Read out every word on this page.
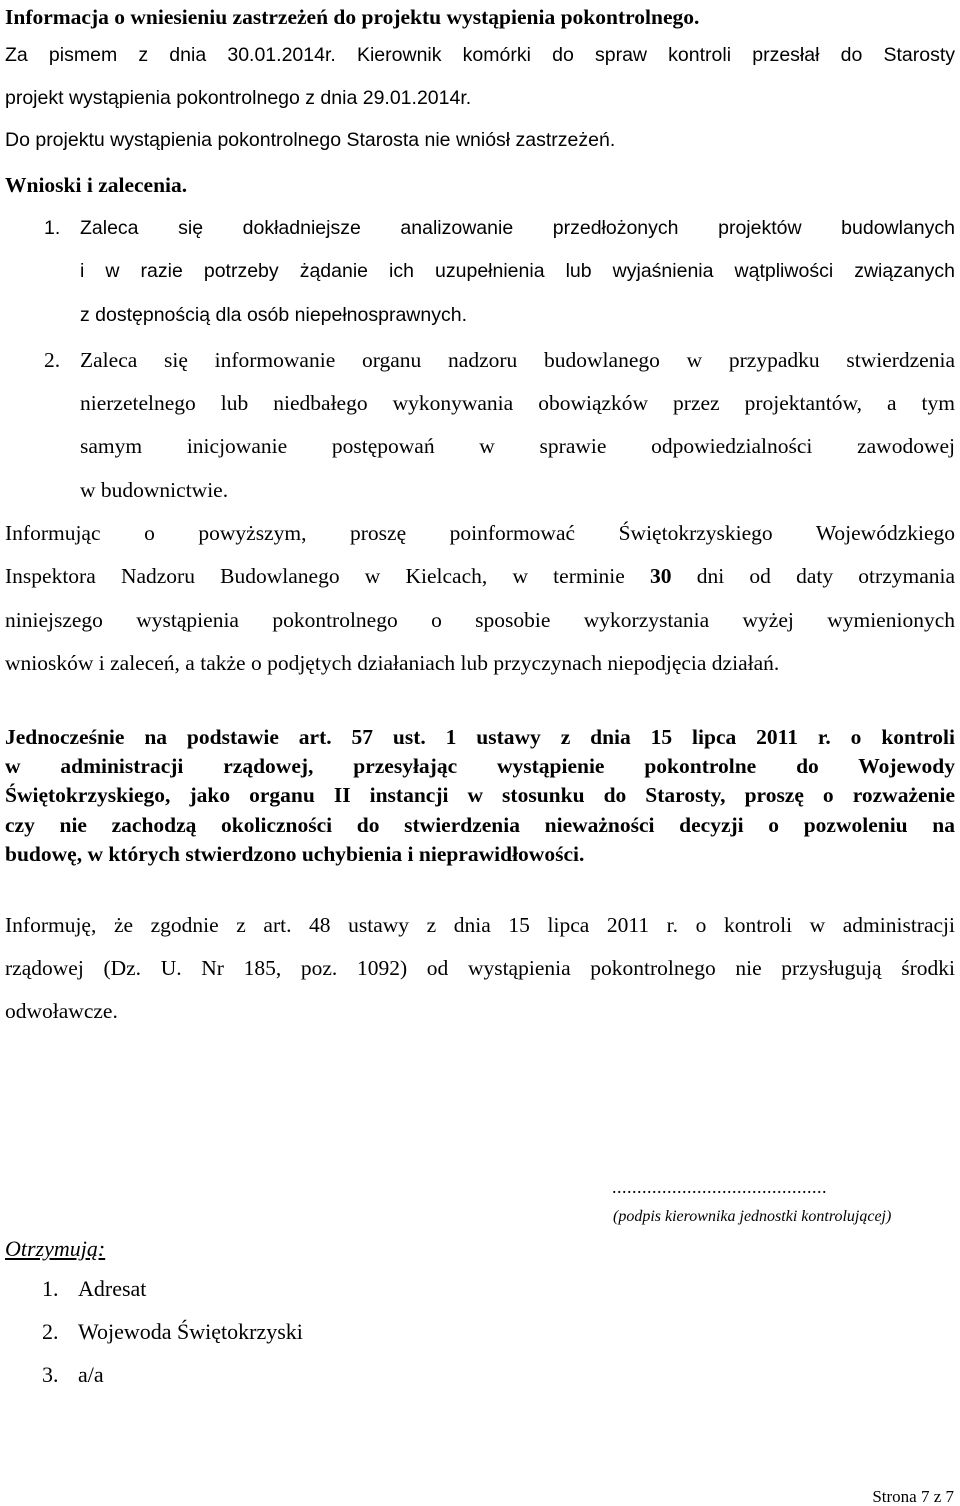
Informacja o wniesieniu zastrzeżeń do projektu wystąpienia pokontrolnego.

Za pismem z dnia 30.01.2014r. Kierownik komórki do spraw kontroli przesłał do Starosty

projekt wystąpienia pokontrolnego z dnia 29.01.2014r.

Do projektu wystąpienia pokontrolnego Starosta nie wniósł zastrzeżeń.

Wnioski i zalecenia.

1. Zaleca się dokładniejsze analizowanie przedłożonych projektów budowlanych
i w razie potrzeby żądanie ich uzupełnienia lub wyjaśnienia wątpliwości związanych
z dostępnością dla osób niepełnosprawnych.
2. Zaleca się informowanie organu nadzoru budowlanego w przypadku stwierdzenia
nierzetelnego lub niedbałego wykonywania obowiązków przez projektantów, a tym
samym inicjowanie postępowań w sprawie odpowiedzialności zawodowej
w budownictwie.

Informując o powyższym, proszę poinformować Świętokrzyskiego Wojewódzkiego

Inspektora Nadzoru Budowlanego w Kielcach, w terminie 30 dni od daty otrzymania

niniejszego wystąpienia pokontrolnego o sposobie wykorzystania wyżej wymienionych

wniosków i zaleceń, a także o podjętych działaniach lub przyczynach niepodjęcia działań.

Jednocześnie na podstawie art. 57 ust. 1 ustawy z dnia 15 lipca 2011 r. o kontroli

w administracji rządowej, przesyłając wystąpienie pokontrolne do Wojewody

Świętokrzyskiego, jako organu II instancji w stosunku do Starosty, proszę o rozważenie

czy nie zachodzą okoliczności do stwierdzenia nieważności decyzji o pozwoleniu na

budowę, w których stwierdzono uchybienia i nieprawidłowości.

Informuję, że zgodnie z art. 48 ustawy z dnia 15 lipca 2011 r. o kontroli w administracji

rządowej (Dz. U. Nr 185, poz. 1092) od wystąpienia pokontrolnego nie przysługują środki

odwoławcze.

...........................................
(podpis kierownika jednostki kontrolującej)
Otrzymują:
1. Adresat
2. Wojewoda Świętokrzyski
3. a/a
Strona 7 z 7
